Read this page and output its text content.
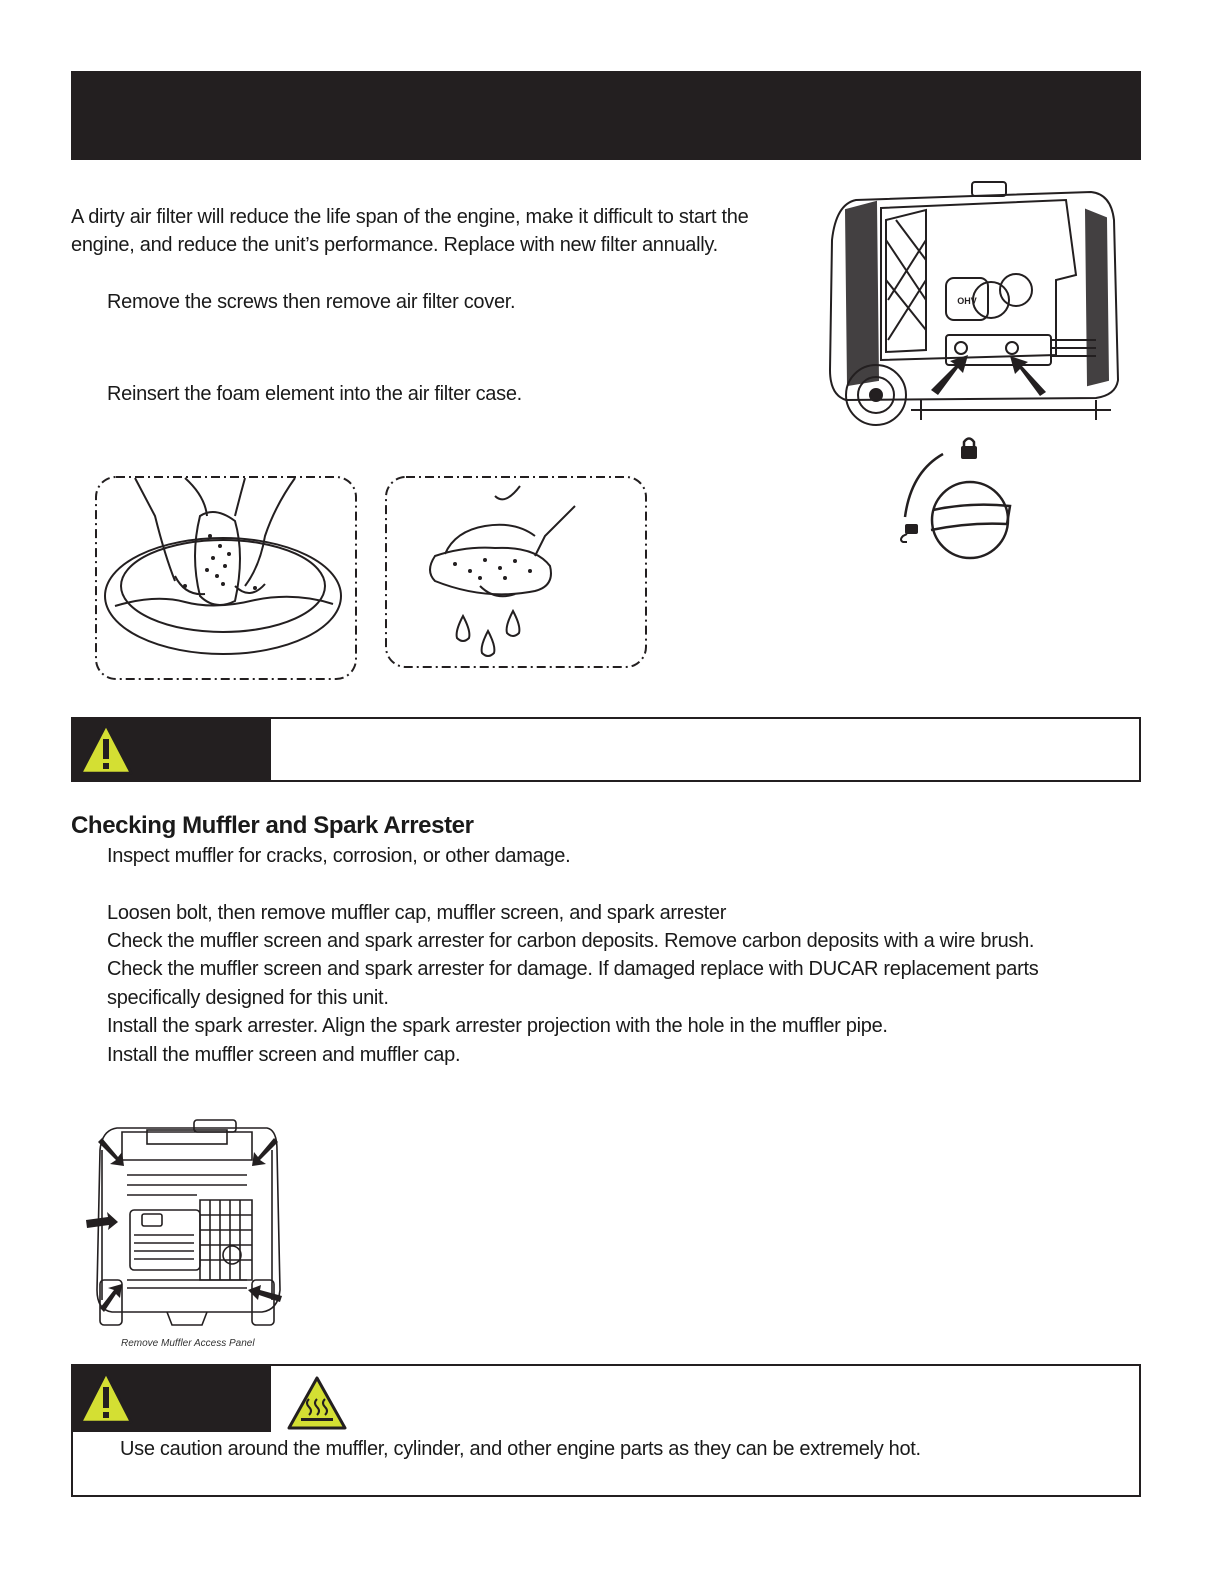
A dirty air filter will reduce the life span of the engine, make it difficult to start the
engine, and reduce the unit’s performance. Replace with new filter annually.
Remove the screws then remove air filter cover.
Reinsert the foam element into the air filter case.
OHV
Checking Muffler and Spark Arrester
Inspect muffler for cracks, corrosion, or other damage.
Loosen bolt, then remove muffler cap, muffler screen, and spark arrester
Check the muffler screen and spark arrester for carbon deposits. Remove carbon deposits with a wire brush.
Check the muffler screen and spark arrester for damage. If damaged replace with DUCAR replacement parts
specifically designed for this unit.
Install the spark arrester. Align the spark arrester projection with the hole in the muffler pipe.
Install the muffler screen and muffler cap.
Remove Muffler Access Panel
Use caution around the muffler, cylinder, and other engine parts as they can be extremely hot.
